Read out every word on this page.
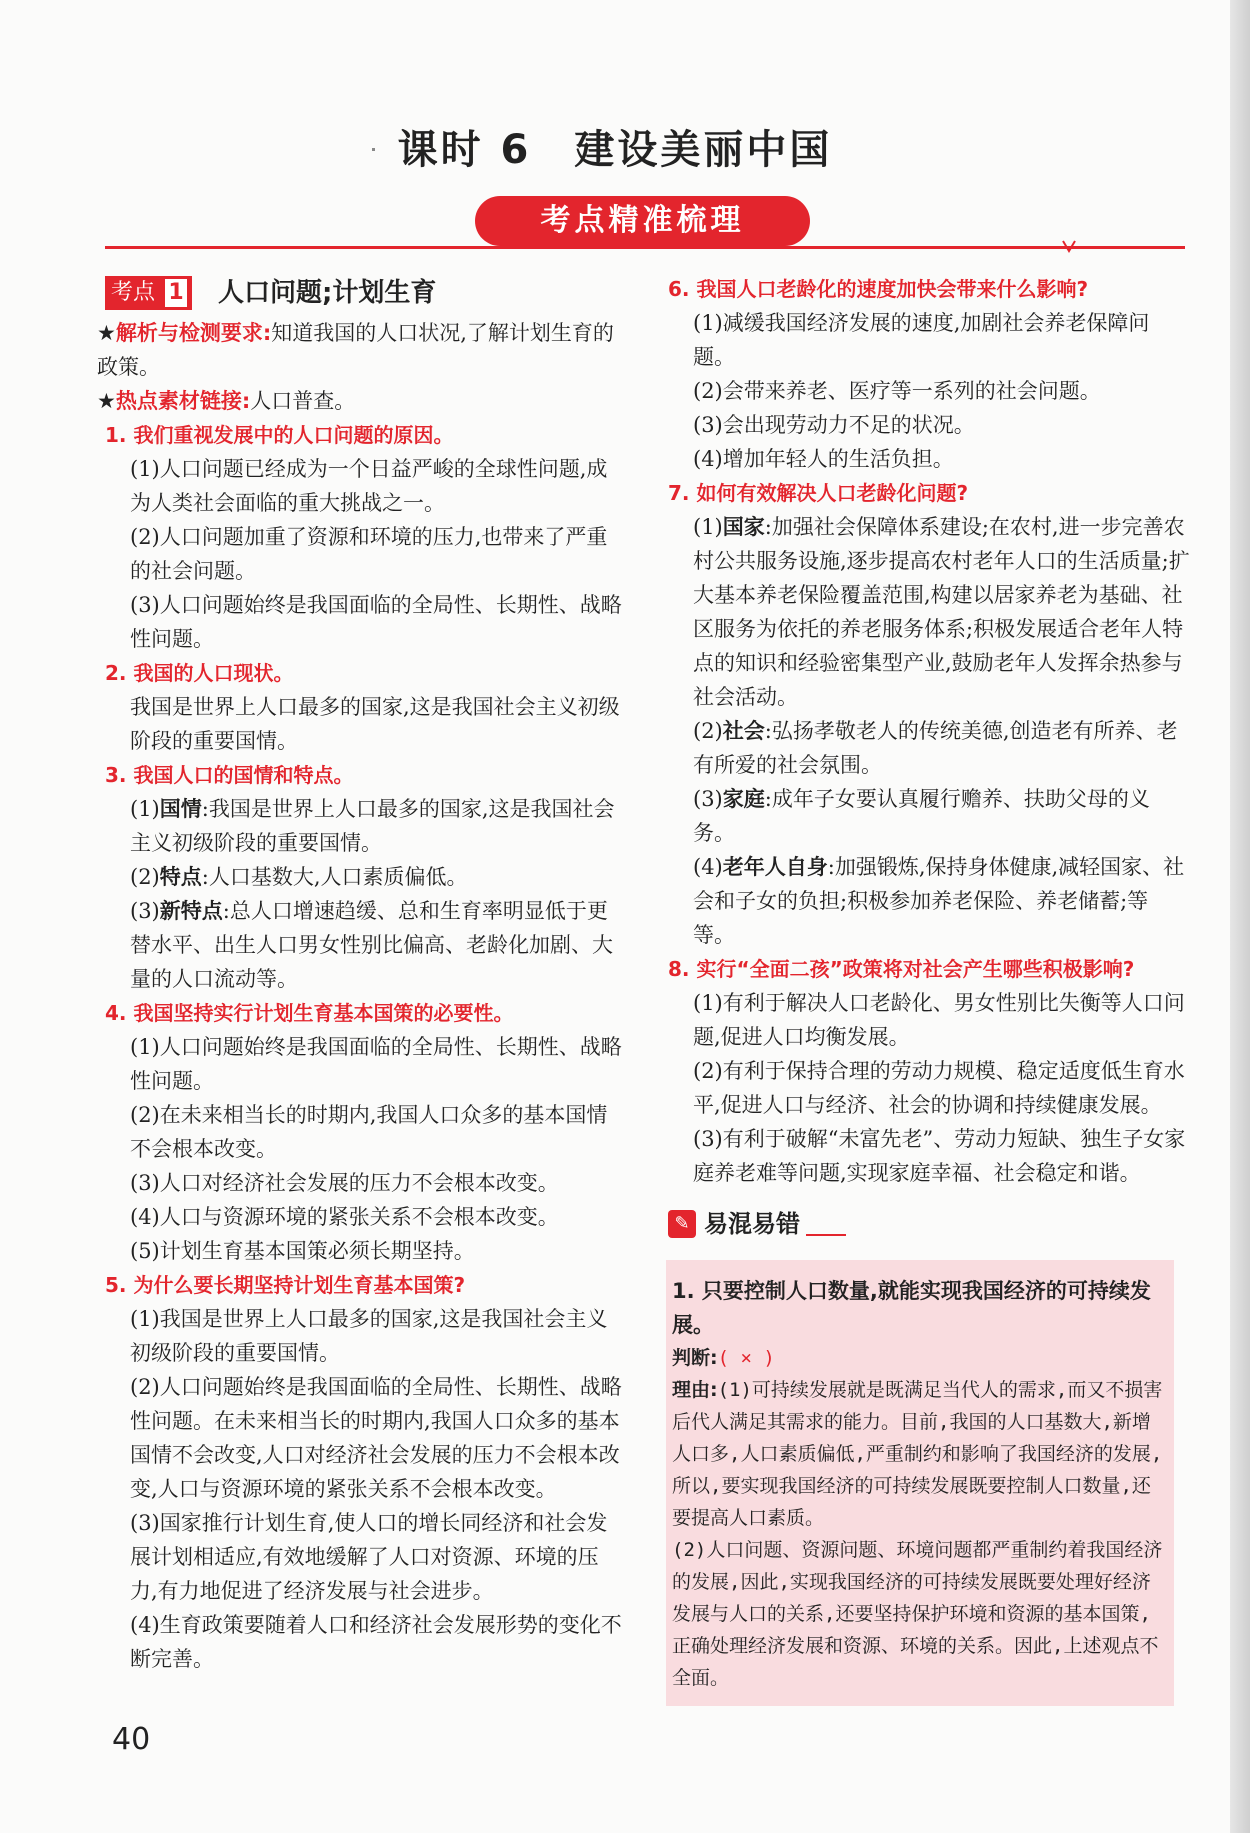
课时 6　建设美丽中国
考点精准梳理
考点 1 人口问题;计划生育
★解析与检测要求:知道我国的人口状况,了解计划生育的政策。
★热点素材链接:人口普查。
1. 我们重视发展中的人口问题的原因。
(1)人口问题已经成为一个日益严峻的全球性问题,成为人类社会面临的重大挑战之一。
(2)人口问题加重了资源和环境的压力,也带来了严重的社会问题。
(3)人口问题始终是我国面临的全局性、长期性、战略性问题。
2. 我国的人口现状。
我国是世界上人口最多的国家,这是我国社会主义初级阶段的重要国情。
3. 我国人口的国情和特点。
(1)国情:我国是世界上人口最多的国家,这是我国社会主义初级阶段的重要国情。
(2)特点:人口基数大,人口素质偏低。
(3)新特点:总人口增速趋缓、总和生育率明显低于更替水平、出生人口男女性别比偏高、老龄化加剧、大量的人口流动等。
4. 我国坚持实行计划生育基本国策的必要性。
(1)人口问题始终是我国面临的全局性、长期性、战略性问题。
(2)在未来相当长的时期内,我国人口众多的基本国情不会根本改变。
(3)人口对经济社会发展的压力不会根本改变。
(4)人口与资源环境的紧张关系不会根本改变。
(5)计划生育基本国策必须长期坚持。
5. 为什么要长期坚持计划生育基本国策?
(1)我国是世界上人口最多的国家,这是我国社会主义初级阶段的重要国情。
(2)人口问题始终是我国面临的全局性、长期性、战略性问题。在未来相当长的时期内,我国人口众多的基本国情不会改变,人口对经济社会发展的压力不会根本改变,人口与资源环境的紧张关系不会根本改变。
(3)国家推行计划生育,使人口的增长同经济和社会发展计划相适应,有效地缓解了人口对资源、环境的压力,有力地促进了经济发展与社会进步。
(4)生育政策要随着人口和经济社会发展形势的变化不断完善。
6. 我国人口老龄化的速度加快会带来什么影响?
(1)减缓我国经济发展的速度,加剧社会养老保障问题。
(2)会带来养老、医疗等一系列的社会问题。
(3)会出现劳动力不足的状况。
(4)增加年轻人的生活负担。
7. 如何有效解决人口老龄化问题?
(1)国家:加强社会保障体系建设;在农村,进一步完善农村公共服务设施,逐步提高农村老年人口的生活质量;扩大基本养老保险覆盖范围,构建以居家养老为基础、社区服务为依托的养老服务体系;积极发展适合老年人特点的知识和经验密集型产业,鼓励老年人发挥余热参与社会活动。
(2)社会:弘扬孝敬老人的传统美德,创造老有所养、老有所爱的社会氛围。
(3)家庭:成年子女要认真履行赡养、扶助父母的义务。
(4)老年人自身:加强锻炼,保持身体健康,减轻国家、社会和子女的负担;积极参加养老保险、养老储蓄;等等。
8. 实行“全面二孩”政策将对社会产生哪些积极影响?
(1)有利于解决人口老龄化、男女性别比失衡等人口问题,促进人口均衡发展。
(2)有利于保持合理的劳动力规模、稳定适度低生育水平,促进人口与经济、社会的协调和持续健康发展。
(3)有利于破解“未富先老”、劳动力短缺、独生子女家庭养老难等问题,实现家庭幸福、社会稳定和谐。
✎ 易混易错
1. 只要控制人口数量,就能实现我国经济的可持续发展。
判断:( × )
理由:(1)可持续发展就是既满足当代人的需求,而又不损害后代人满足其需求的能力。目前,我国的人口基数大,新增人口多,人口素质偏低,严重制约和影响了我国经济的发展,所以,要实现我国经济的可持续发展既要控制人口数量,还要提高人口素质。
(2)人口问题、资源问题、环境问题都严重制约着我国经济的发展,因此,实现我国经济的可持续发展既要处理好经济发展与人口的关系,还要坚持保护环境和资源的基本国策,正确处理经济发展和资源、环境的关系。因此,上述观点不全面。
40
